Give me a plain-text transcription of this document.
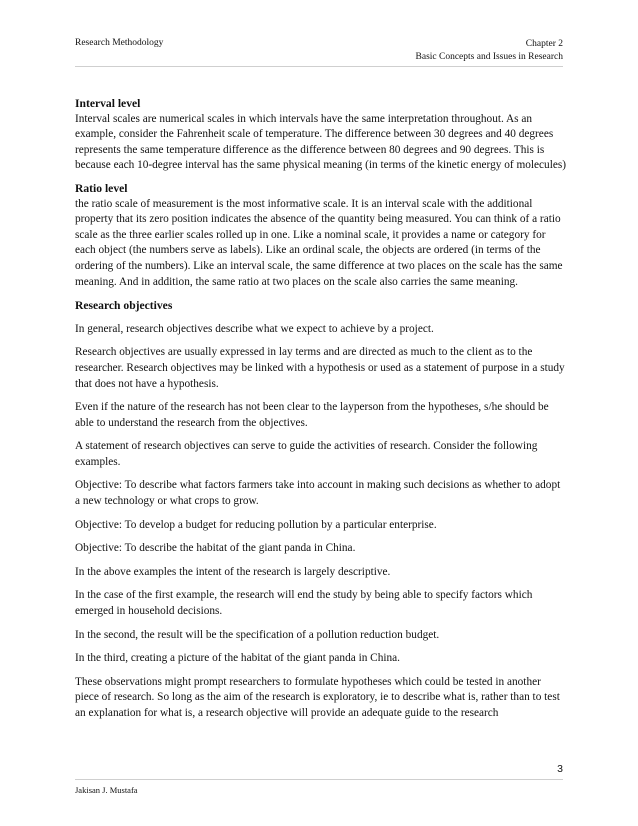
Research Methodology	Chapter 2
Basic Concepts and Issues in Research
Interval level

Interval scales are numerical scales in which intervals have the same interpretation throughout. As an example, consider the Fahrenheit scale of temperature. The difference between 30 degrees and 40 degrees represents the same temperature difference as the difference between 80 degrees and 90 degrees. This is because each 10-degree interval has the same physical meaning (in terms of the kinetic energy of molecules)

Ratio level

the ratio scale of measurement is the most informative scale. It is an interval scale with the additional property that its zero position indicates the absence of the quantity being measured. You can think of a ratio scale as the three earlier scales rolled up in one. Like a nominal scale, it provides a name or category for each object (the numbers serve as labels). Like an ordinal scale, the objects are ordered (in terms of the ordering of the numbers). Like an interval scale, the same difference at two places on the scale has the same meaning. And in addition, the same ratio at two places on the scale also carries the same meaning.

Research objectives

In general, research objectives describe what we expect to achieve by a project.

Research objectives are usually expressed in lay terms and are directed as much to the client as to the researcher. Research objectives may be linked with a hypothesis or used as a statement of purpose in a study that does not have a hypothesis.

Even if the nature of the research has not been clear to the layperson from the hypotheses, s/he should be able to understand the research from the objectives.

A statement of research objectives can serve to guide the activities of research. Consider the following examples.

Objective: To describe what factors farmers take into account in making such decisions as whether to adopt a new technology or what crops to grow.

Objective: To develop a budget for reducing pollution by a particular enterprise.

Objective: To describe the habitat of the giant panda in China.

In the above examples the intent of the research is largely descriptive.

In the case of the first example, the research will end the study by being able to specify factors which emerged in household decisions.

In the second, the result will be the specification of a pollution reduction budget.

In the third, creating a picture of the habitat of the giant panda in China.

These observations might prompt researchers to formulate hypotheses which could be tested in another piece of research. So long as the aim of the research is exploratory, ie to describe what is, rather than to test an explanation for what is, a research objective will provide an adequate guide to the research

3
Jakisan J. Mustafa
